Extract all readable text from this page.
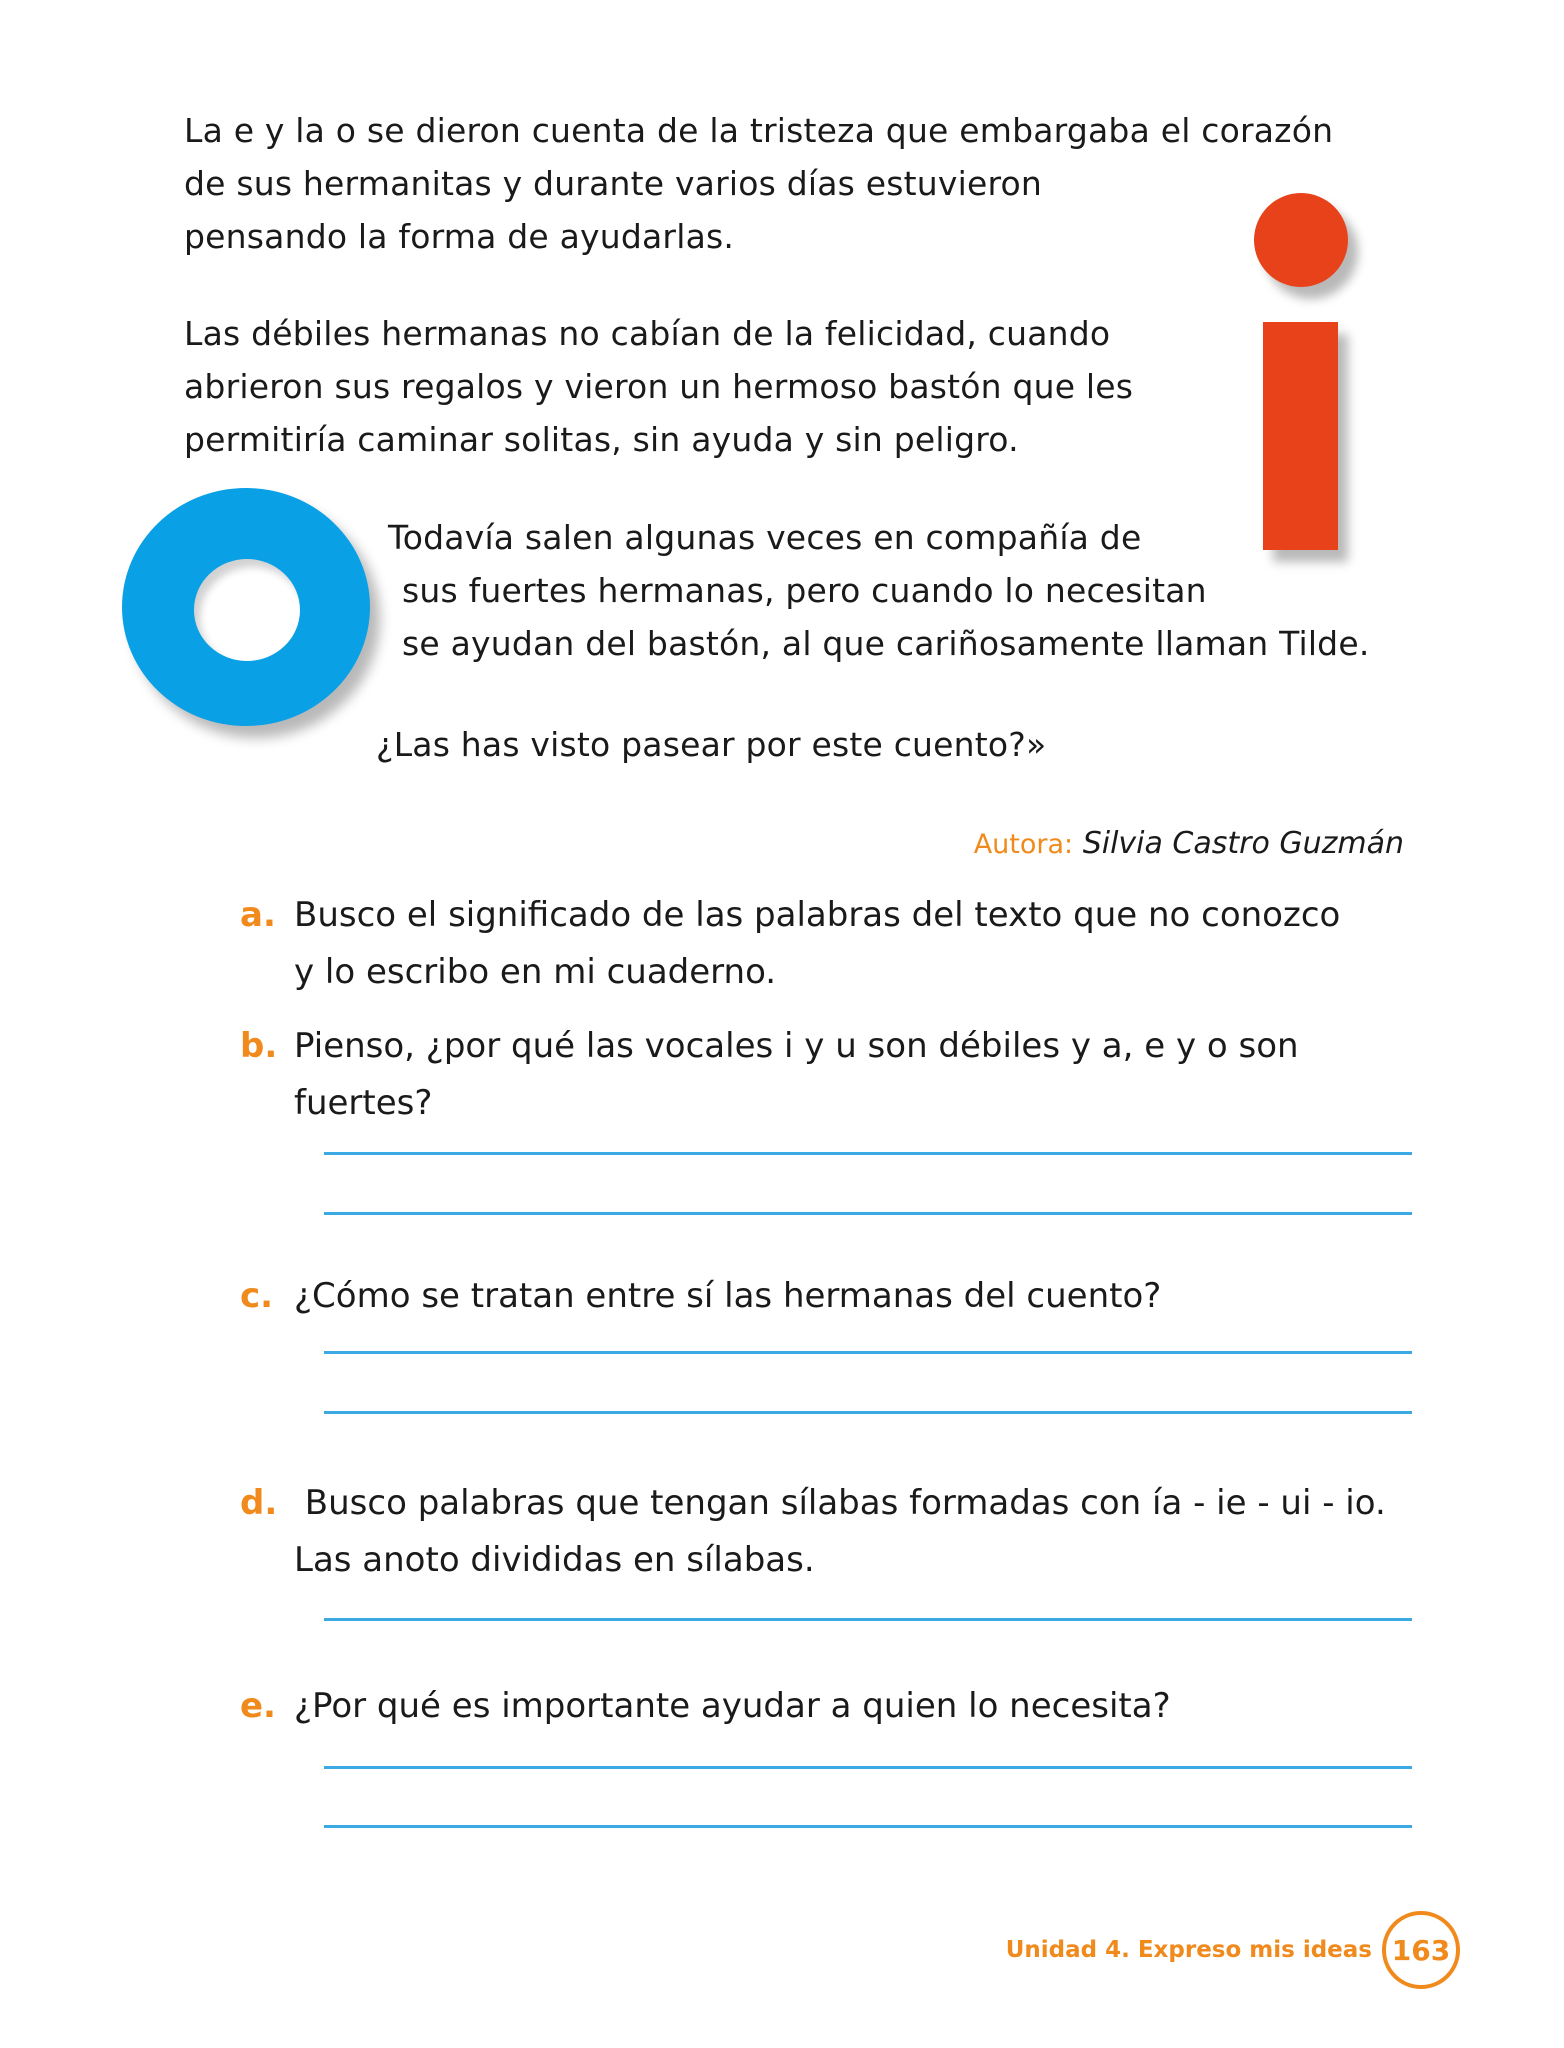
La e y la o se dieron cuenta de la tristeza que embargaba el corazón
de sus hermanitas y durante varios días estuvieron
pensando la forma de ayudarlas.
Las débiles hermanas no cabían de la felicidad, cuando
abrieron sus regalos y vieron un hermoso bastón que les
permitiría caminar solitas, sin ayuda y sin peligro.
Todavía salen algunas veces en compañía de
sus fuertes hermanas, pero cuando lo necesitan
se ayudan del bastón, al que cariñosamente llaman Tilde.
¿Las has visto pasear por este cuento?»
Autora: Silvia Castro Guzmán
a. Busco el significado de las palabras del texto que no conozco
y lo escribo en mi cuaderno.
b. Pienso, ¿por qué las vocales i y u son débiles y a, e y o son
fuertes?
c. ¿Cómo se tratan entre sí las hermanas del cuento?
d. Busco palabras que tengan sílabas formadas con ía - ie - ui - io.
Las anoto divididas en sílabas.
e. ¿Por qué es importante ayudar a quien lo necesita?
Unidad 4. Expreso mis ideas 163
